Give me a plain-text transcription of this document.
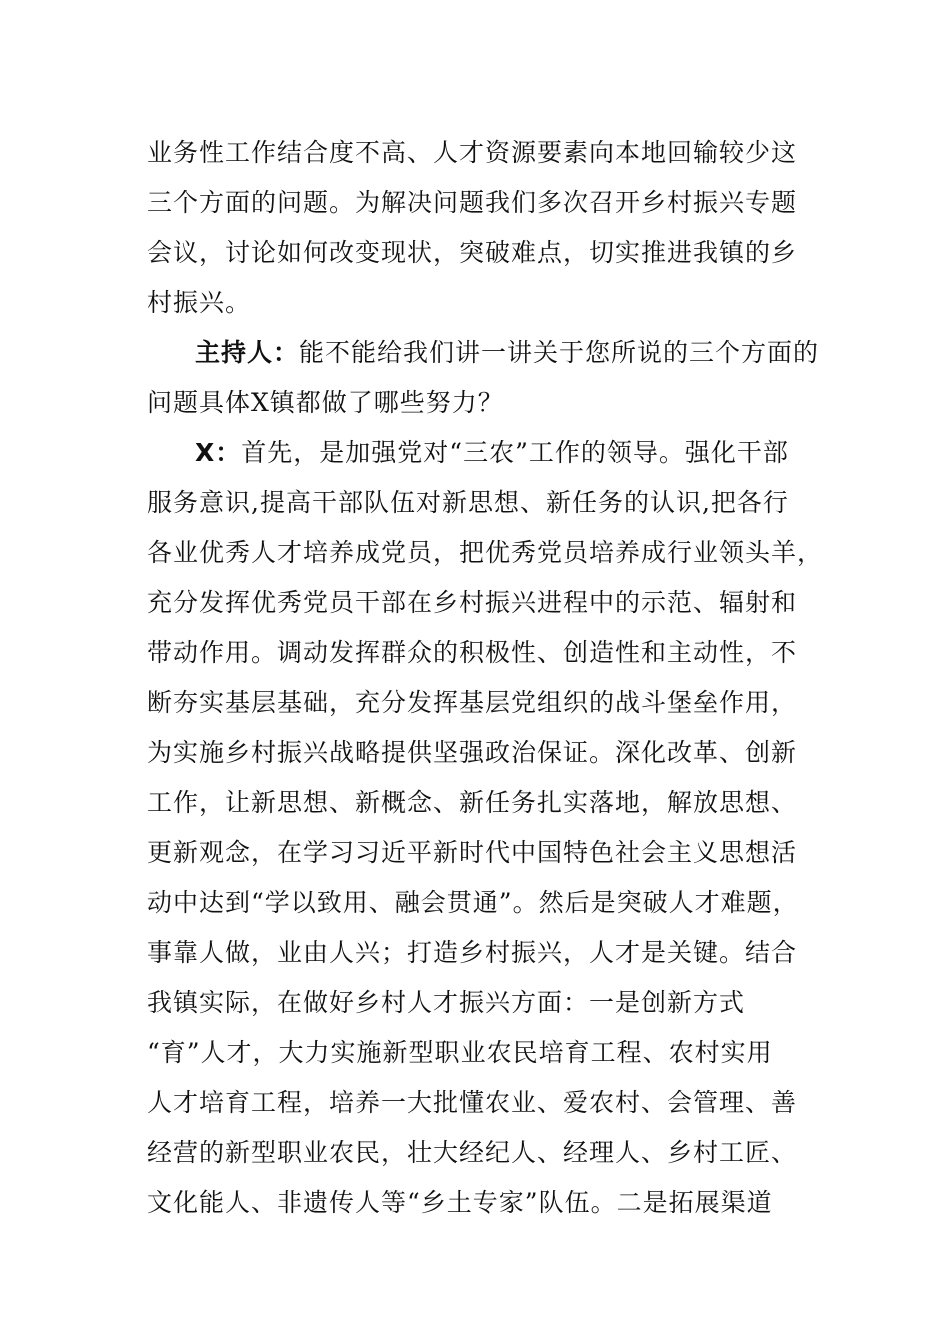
业务性工作结合度不高、人才资源要素向本地回输较少这
三个方面的问题。为解决问题我们多次召开乡村振兴专题
会议，讨论如何改变现状，突破难点，切实推进我镇的乡
村振兴。
主持人：能不能给我们讲一讲关于您所说的三个方面的
问题具体X镇都做了哪些努力？
X：首先，是加强党对“三农”工作的领导。强化干部
服务意识,提高干部队伍对新思想、新任务的认识,把各行
各业优秀人才培养成党员，把优秀党员培养成行业领头羊，
充分发挥优秀党员干部在乡村振兴进程中的示范、辐射和
带动作用。调动发挥群众的积极性、创造性和主动性，不
断夯实基层基础，充分发挥基层党组织的战斗堡垒作用，
为实施乡村振兴战略提供坚强政治保证。深化改革、创新
工作，让新思想、新概念、新任务扎实落地，解放思想、
更新观念，在学习习近平新时代中国特色社会主义思想活
动中达到“学以致用、融会贯通”。然后是突破人才难题，
事靠人做，业由人兴；打造乡村振兴，人才是关键。结合
我镇实际，在做好乡村人才振兴方面：一是创新方式
“育”人才，大力实施新型职业农民培育工程、农村实用
人才培育工程，培养一大批懂农业、爱农村、会管理、善
经营的新型职业农民，壮大经纪人、经理人、乡村工匠、
文化能人、非遗传人等“乡土专家”队伍。二是拓展渠道
